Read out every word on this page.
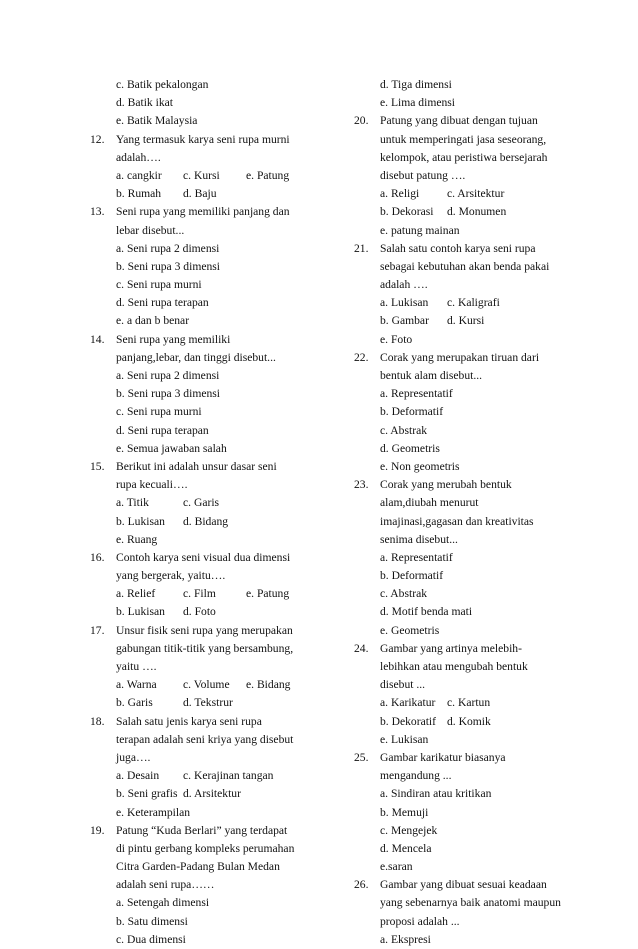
c. Batik pekalongan
d. Batik ikat
e. Batik Malaysia
12. Yang termasuk karya seni rupa murni
adalah….
a. cangkir c. Kursi e. Patung
b. Rumah d. Baju
13. Seni rupa yang memiliki panjang dan
lebar disebut...
a. Seni rupa 2 dimensi
b. Seni rupa 3 dimensi
c. Seni rupa murni
d. Seni rupa terapan
e. a dan b benar
14. Seni rupa yang memiliki
panjang,lebar, dan tinggi disebut...
a. Seni rupa 2 dimensi
b. Seni rupa 3 dimensi
c. Seni rupa murni
d. Seni rupa terapan
e. Semua jawaban salah
15. Berikut ini adalah unsur dasar seni
rupa kecuali….
a. Titik	c. Garis
b. Lukisan d. Bidang
e. Ruang
16. Contoh karya seni visual dua dimensi
yang bergerak, yaitu….
a. Relief c. Film	e. Patung
b. Lukisan d. Foto
17. Unsur fisik seni rupa yang merupakan
gabungan titik-titik yang bersambung,
yaitu ….
a. Warna c. Volume e. Bidang
b. Garis	d. Tekstrur
18. Salah satu jenis karya seni rupa
terapan adalah seni kriya yang disebut
juga….
a. Desain c. Kerajinan tangan
b. Seni grafis d. Arsitektur
e. Keterampilan
19. Patung “Kuda Berlari” yang terdapat
di pintu gerbang kompleks perumahan
Citra Garden-Padang Bulan Medan
adalah seni rupa……
a. Setengah dimensi
b. Satu dimensi
c. Dua dimensi
d. Tiga dimensi
e. Lima dimensi
20. Patung yang dibuat dengan tujuan
untuk memperingati jasa seseorang,
kelompok, atau peristiwa bersejarah
disebut patung ….
a. Religi c. Arsitektur
b. Dekorasi d. Monumen
e. patung mainan
21. Salah satu contoh karya seni rupa
sebagai kebutuhan akan benda pakai
adalah ….
a. Lukisan c. Kaligrafi
b. Gambar d. Kursi
e. Foto
22. Corak yang merupakan tiruan dari
bentuk alam disebut...
a. Representatif
b. Deformatif
c. Abstrak
d. Geometris
e. Non geometris
23. Corak yang merubah bentuk
alam,diubah menurut
imajinasi,gagasan dan kreativitas
senima disebut...
a. Representatif
b. Deformatif
c. Abstrak
d. Motif benda mati
e. Geometris
24. Gambar yang artinya melebih-
lebihkan atau mengubah bentuk
disebut ...
a. Karikatur c. Kartun
b. Dekoratif d. Komik
e. Lukisan
25. Gambar karikatur biasanya
mengandung ...
a. Sindiran atau kritikan
b. Memuji
c. Mengejek
d. Mencela
e.saran
26. Gambar yang dibuat sesuai keadaan
yang sebenarnya baik anatomi maupun
proposi adalah ...
a. Ekspresi
